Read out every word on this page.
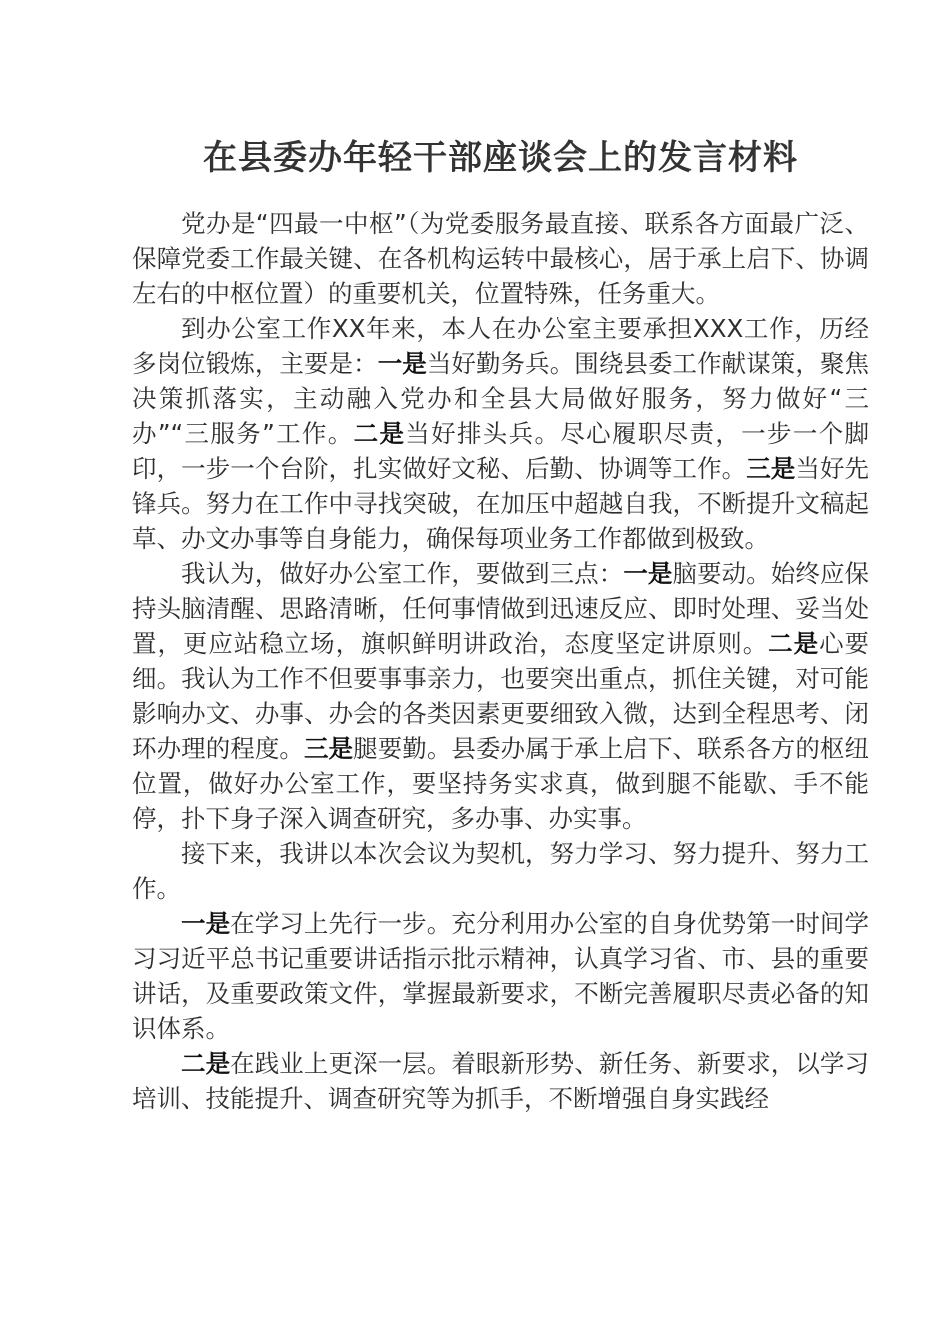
在县委办年轻干部座谈会上的发言材料

党办是“四最一中枢”（为党委服务最直接、联系各方面最广泛、保障党委工作最关键、在各机构运转中最核心，居于承上启下、协调左右的中枢位置）的重要机关，位置特殊，任务重大。

到办公室工作XX年来，本人在办公室主要承担XXX工作，历经多岗位锻炼，主要是：一是当好勤务兵。围绕县委工作献谋策，聚焦决策抓落实，主动融入党办和全县大局做好服务，努力做好“三办”“三服务”工作。二是当好排头兵。尽心履职尽责，一步一个脚印，一步一个台阶，扎实做好文秘、后勤、协调等工作。三是当好先锋兵。努力在工作中寻找突破，在加压中超越自我，不断提升文稿起草、办文办事等自身能力，确保每项业务工作都做到极致。

我认为，做好办公室工作，要做到三点：一是脑要动。始终应保持头脑清醒、思路清晰，任何事情做到迅速反应、即时处理、妥当处置，更应站稳立场，旗帜鲜明讲政治，态度坚定讲原则。二是心要细。我认为工作不但要事事亲力，也要突出重点，抓住关键，对可能影响办文、办事、办会的各类因素更要细致入微，达到全程思考、闭环办理的程度。三是腿要勤。县委办属于承上启下、联系各方的枢纽位置，做好办公室工作，要坚持务实求真，做到腿不能歇、手不能停，扑下身子深入调查研究，多办事、办实事。

接下来，我讲以本次会议为契机，努力学习、努力提升、努力工作。

一是在学习上先行一步。充分利用办公室的自身优势第一时间学习习近平总书记重要讲话指示批示精神，认真学习省、市、县的重要讲话，及重要政策文件，掌握最新要求，不断完善履职尽责必备的知识体系。

二是在践业上更深一层。着眼新形势、新任务、新要求，以学习培训、技能提升、调查研究等为抓手，不断增强自身实践经
